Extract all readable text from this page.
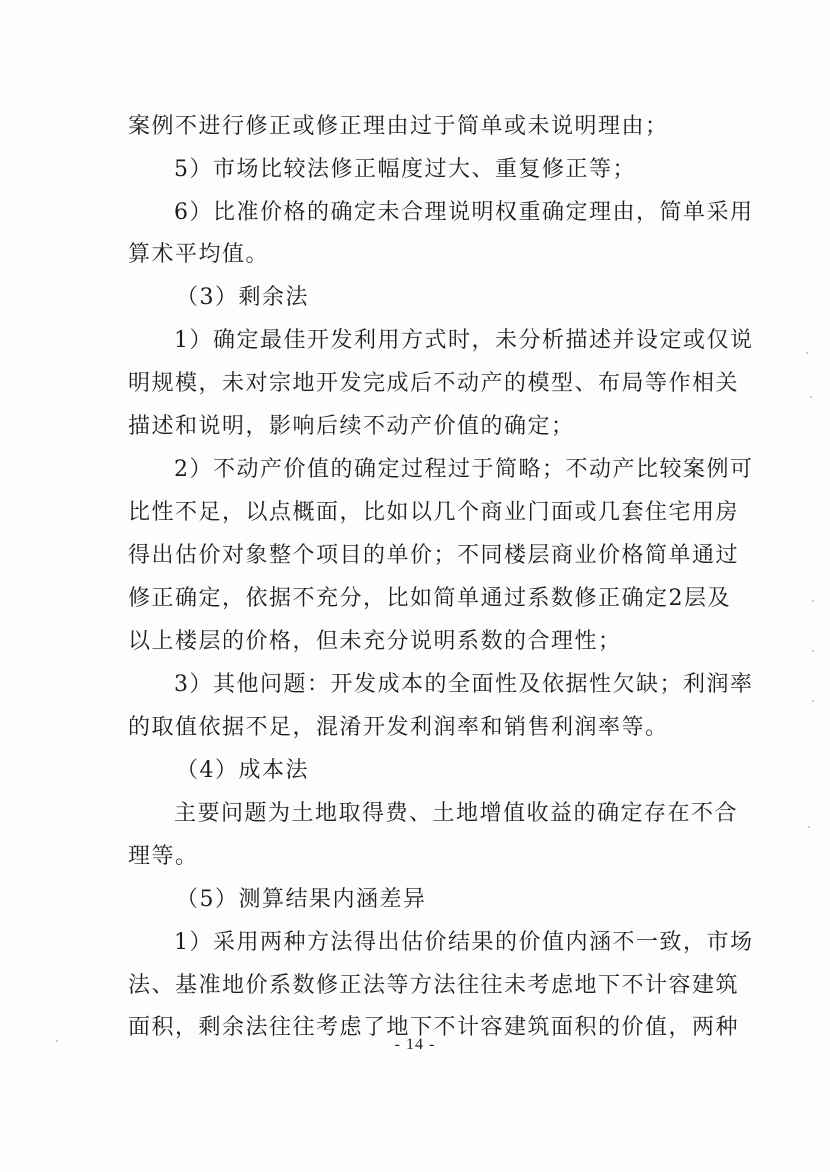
案例不进行修正或修正理由过于简单或未说明理由；
5）市场比较法修正幅度过大、重复修正等；
6）比准价格的确定未合理说明权重确定理由，简单采用
算术平均值。
（3）剩余法
1）确定最佳开发利用方式时，未分析描述并设定或仅说
明规模，未对宗地开发完成后不动产的模型、布局等作相关
描述和说明，影响后续不动产价值的确定；
2）不动产价值的确定过程过于简略；不动产比较案例可
比性不足，以点概面，比如以几个商业门面或几套住宅用房
得出估价对象整个项目的单价；不同楼层商业价格简单通过
修正确定，依据不充分，比如简单通过系数修正确定2层及
以上楼层的价格，但未充分说明系数的合理性；
3）其他问题：开发成本的全面性及依据性欠缺；利润率
的取值依据不足，混淆开发利润率和销售利润率等。
（4）成本法
主要问题为土地取得费、土地增值收益的确定存在不合
理等。
（5）测算结果内涵差异
1）采用两种方法得出估价结果的价值内涵不一致，市场
法、基准地价系数修正法等方法往往未考虑地下不计容建筑
面积，剩余法往往考虑了地下不计容建筑面积的价值，两种
- 14 -
